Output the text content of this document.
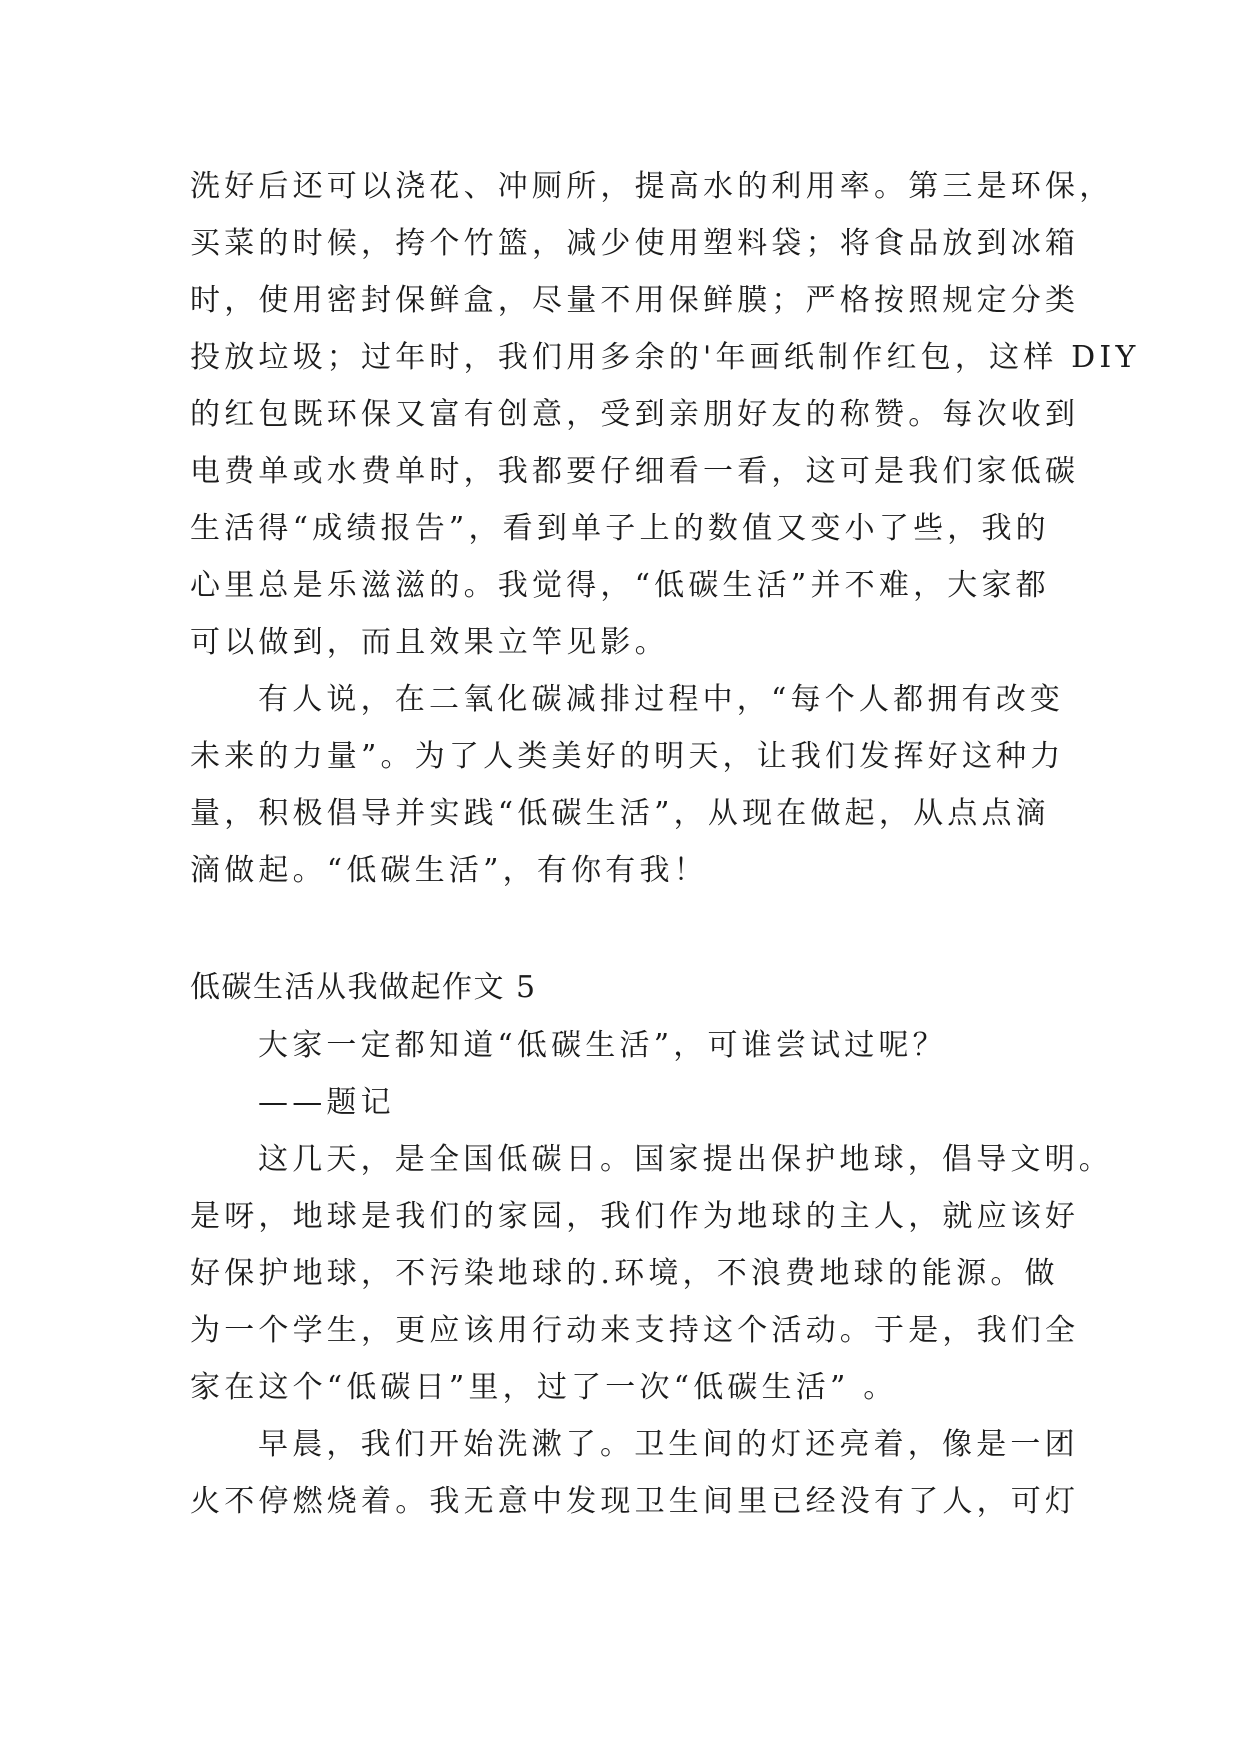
洗好后还可以浇花、冲厕所，提高水的利用率。第三是环保，

买菜的时候，挎个竹篮，减少使用塑料袋；将食品放到冰箱

时，使用密封保鲜盒，尽量不用保鲜膜；严格按照规定分类

投放垃圾；过年时，我们用多余的'年画纸制作红包，这样 DIY

的红包既环保又富有创意，受到亲朋好友的称赞。每次收到

电费单或水费单时，我都要仔细看一看，这可是我们家低碳

生活得“成绩报告”，看到单子上的数值又变小了些，我的

心里总是乐滋滋的。我觉得，“低碳生活”并不难，大家都

可以做到，而且效果立竿见影。

有人说，在二氧化碳减排过程中，“每个人都拥有改变

未来的力量”。为了人类美好的明天，让我们发挥好这种力

量，积极倡导并实践“低碳生活”，从现在做起，从点点滴

滴做起。“低碳生活”，有你有我！

低碳生活从我做起作文 5

大家一定都知道“低碳生活”，可谁尝试过呢？

——题记

这几天，是全国低碳日。国家提出保护地球，倡导文明。

是呀，地球是我们的家园，我们作为地球的主人，就应该好

好保护地球，不污染地球的.环境，不浪费地球的能源。做

为一个学生，更应该用行动来支持这个活动。于是，我们全

家在这个“低碳日”里，过了一次“低碳生活” 。

早晨，我们开始洗漱了。卫生间的灯还亮着，像是一团

火不停燃烧着。我无意中发现卫生间里已经没有了人，可灯
